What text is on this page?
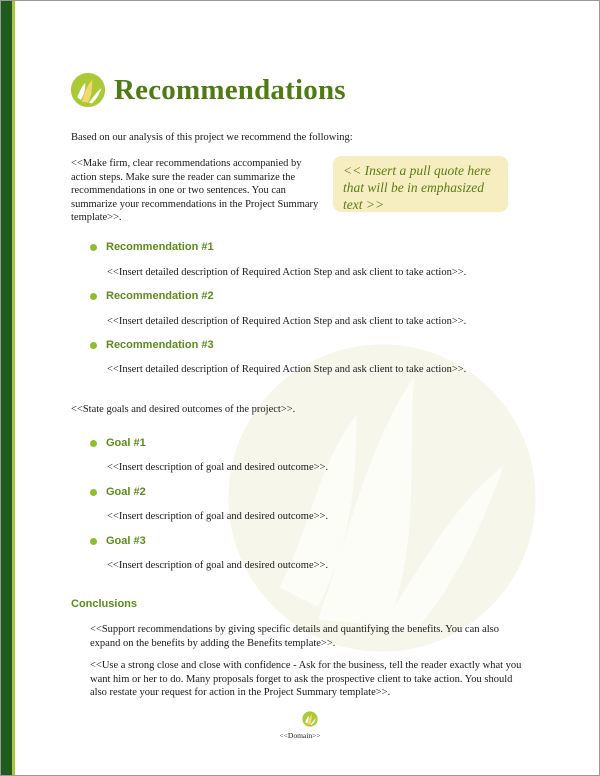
Recommendations
Based on our analysis of this project we recommend the following:
<<Make firm, clear recommendations accompanied by action steps. Make sure the reader can summarize the recommendations in one or two sentences. You can summarize your recommendations in the Project Summary template>>.
<< Insert a pull quote here that will be in emphasized text >>
Recommendation #1
<<Insert detailed description of Required Action Step and ask client to take action>>.
Recommendation #2
<<Insert detailed description of Required Action Step and ask client to take action>>.
Recommendation #3
<<Insert detailed description of Required Action Step and ask client to take action>>.
<<State goals and desired outcomes of the project>>.
Goal #1
<<Insert description of goal and desired outcome>>.
Goal #2
<<Insert description of goal and desired outcome>>.
Goal #3
<<Insert description of goal and desired outcome>>.
Conclusions
<<Support recommendations by giving specific details and quantifying the benefits. You can also expand on the benefits by adding the Benefits template>>.
<<Use a strong close and close with confidence - Ask for the business, tell the reader exactly what you want him or her to do. Many proposals forget to ask the prospective client to take action. You should also restate your request for action in the Project Summary template>>.
<<Domain>>
